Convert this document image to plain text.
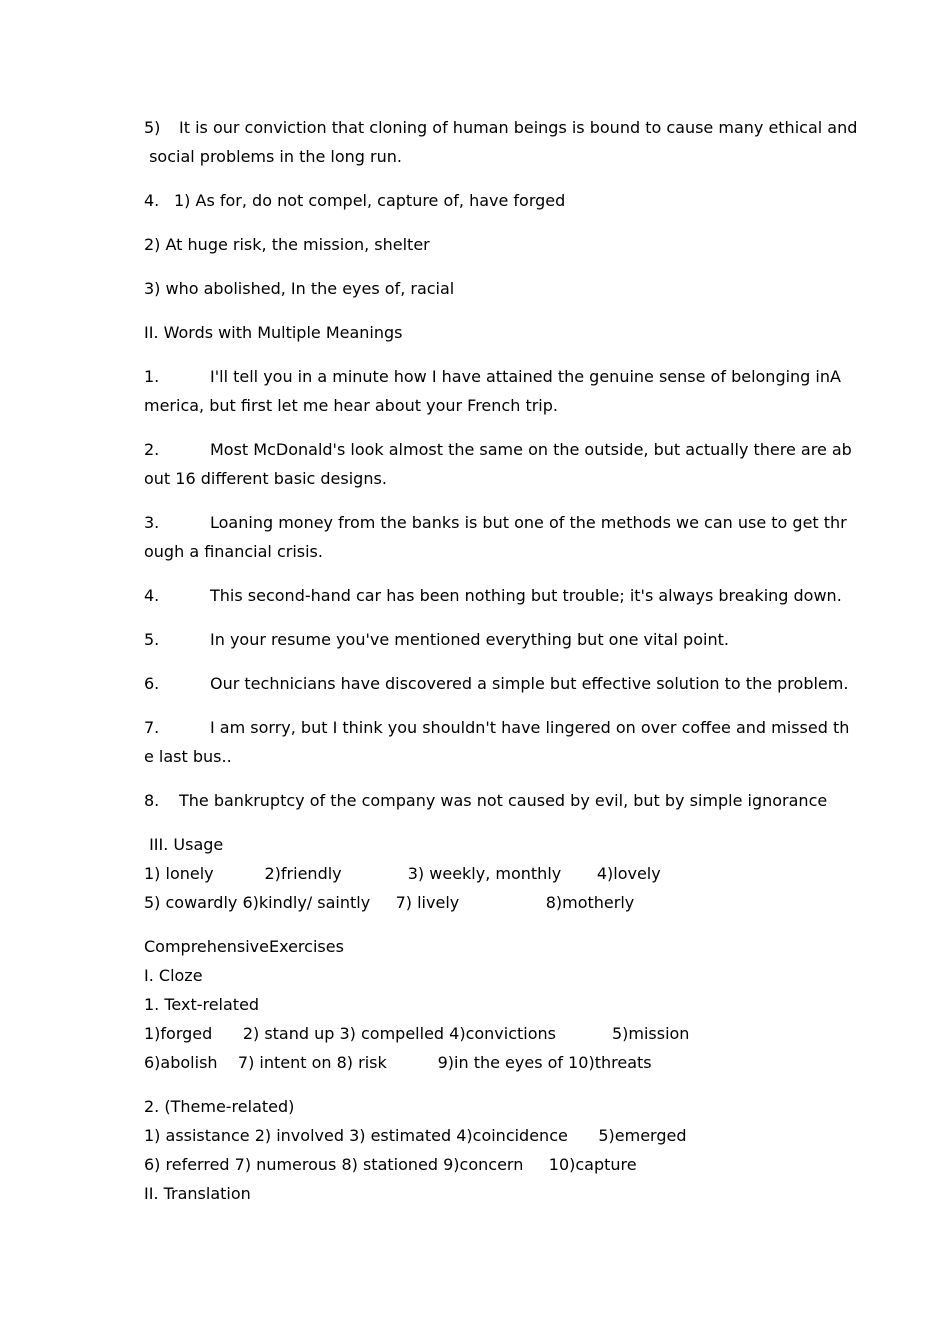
5) It is our conviction that cloning of human beings is bound to cause many ethical and
social problems in the long run.
4. 1) As for, do not compel, capture of, have forged
2) At huge risk, the mission, shelter
3) who abolished, In the eyes of, racial
II. Words with Multiple Meanings
1.	I'll tell you in a minute how I have attained the genuine sense of belonging inA
merica, but first let me hear about your French trip.
2.	Most McDonald's look almost the same on the outside, but actually there are ab
out 16 different basic designs.
3.	Loaning money from the banks is but one of the methods we can use to get thr
ough a financial crisis.
4.	This second-hand car has been nothing but trouble; it's always breaking down.
5.	In your resume you've mentioned everything but one vital point.
6.	Our technicians have discovered a simple but effective solution to the problem.
7.	I am sorry, but I think you shouldn't have lingered on over coffee and missed th
e last bus..
8. The bankruptcy of the company was not caused by evil, but by simple ignorance
III. Usage
1) lonely          2)friendly             3) weekly, monthly       4)lovely
5) cowardly 6)kindly/ saintly     7) lively                 8)motherly
ComprehensiveExercises
I. Cloze
1. Text-related
1)forged      2) stand up 3) compelled 4)convictions           5)mission
6)abolish    7) intent on 8) risk          9)in the eyes of 10)threats
2. (Theme-related)
1) assistance 2) involved 3) estimated 4)coincidence      5)emerged
6) referred 7) numerous 8) stationed 9)concern     10)capture
II. Translation
